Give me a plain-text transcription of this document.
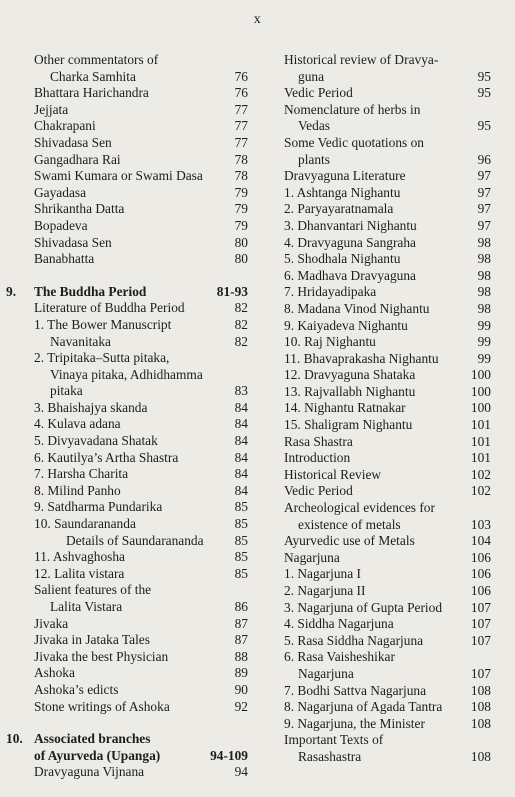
x
Other commentators of
Charka Samhita	76
Bhattara Harichandra	76
Jejjata	77
Chakrapani	77
Shivadasa Sen	77
Gangadhara Rai	78
Swami Kumara or Swami Dasa	78
Gayadasa	79
Shrikantha Datta	79
Bopadeva	79
Shivadasa Sen	80
Banabhatta	80
9. The Buddha Period	81-93
Literature of Buddha Period	82
1. The Bower Manuscript	82
Navanitaka	82
2. Tripitaka–Sutta pitaka,
Vinaya pitaka, Adhidhamma
pitaka	83
3. Bhaishajya skanda	84
4. Kulava adana	84
5. Divyavadana Shatak	84
6. Kautilya’s Artha Shastra	84
7. Harsha Charita	84
8. Milind Panho	84
9. Satdharma Pundarika	85
10. Saundarananda	85
Details of Saundarananda	85
11. Ashvaghosha	85
12. Lalita vistara	85
Salient features of the
Lalita Vistara	86
Jivaka	87
Jivaka in Jataka Tales	87
Jivaka the best Physician	88
Ashoka	89
Ashoka’s edicts	90
Stone writings of Ashoka	92
10. Associated branches
of Ayurveda (Upanga)	94-109
Dravyaguna Vijnana	94
Historical review of Dravya-
guna	95
Vedic Period	95
Nomenclature of herbs in
Vedas	95
Some Vedic quotations on
plants	96
Dravyaguna Literature	97
1. Ashtanga Nighantu	97
2. Paryayaratnamala	97
3. Dhanvantari Nighantu	97
4. Dravyaguna Sangraha	98
5. Shodhala Nighantu	98
6. Madhava Dravyaguna	98
7. Hridayadipaka	98
8. Madana Vinod Nighantu	98
9. Kaiyadeva Nighantu	99
10. Raj Nighantu	99
11. Bhavaprakasha Nighantu	99
12. Dravyaguna Shataka	100
13. Rajvallabh Nighantu	100
14. Nighantu Ratnakar	100
15. Shaligram Nighantu	101
Rasa Shastra	101
Introduction	101
Historical Review	102
Vedic Period	102
Archeological evidences for
existence of metals	103
Ayurvedic use of Metals	104
Nagarjuna	106
1. Nagarjuna I	106
2. Nagarjuna II	106
3. Nagarjuna of Gupta Period	107
4. Siddha Nagarjuna	107
5. Rasa Siddha Nagarjuna	107
6. Rasa Vaisheshikar
Nagarjuna	107
7. Bodhi Sattva Nagarjuna	108
8. Nagarjuna of Agada Tantra	108
9. Nagarjuna, the Minister	108
Important Texts of
Rasashastra	108
